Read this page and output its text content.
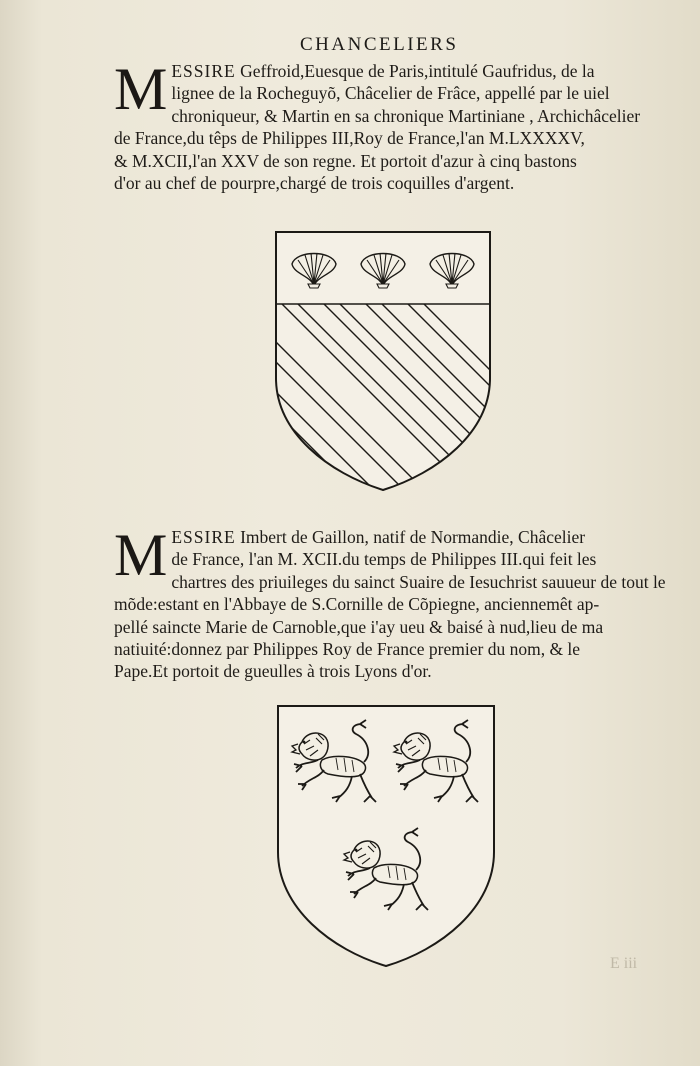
CHANCELIERS
M ESSIRE Geffroid,Euesque de Paris,intitulé Gaufridus, de la
lignee de la Rocheguyõ, Châcelier de Frâce, appellé par le uiel
chroniqueur, & Martin en sa chronique Martiniane , Archichâcelier
de France,du têps de Philippes III,Roy de France,l'an M.LXXXXV,
& M.XCII,l'an XXV de son regne. Et portoit d'azur à cinq bastons
d'or au chef de pourpre,chargé de trois coquilles d'argent.
M ESSIRE Imbert de Gaillon, natif de Normandie, Châcelier
de France, l'an M. XCII.du temps de Philippes III.qui feit les
chartres des priuileges du sainct Suaire de Iesuchrist sauueur de tout le
mõde:estant en l'Abbaye de S.Cornille de Cõpiegne, anciennemêt ap-
pellé saincte Marie de Carnoble,que i'ay ueu & baisé à nud,lieu de ma
natiuité:donnez par Philippes Roy de France premier du nom, & le
Pape.Et portoit de gueulles à trois Lyons d'or.
E iii
